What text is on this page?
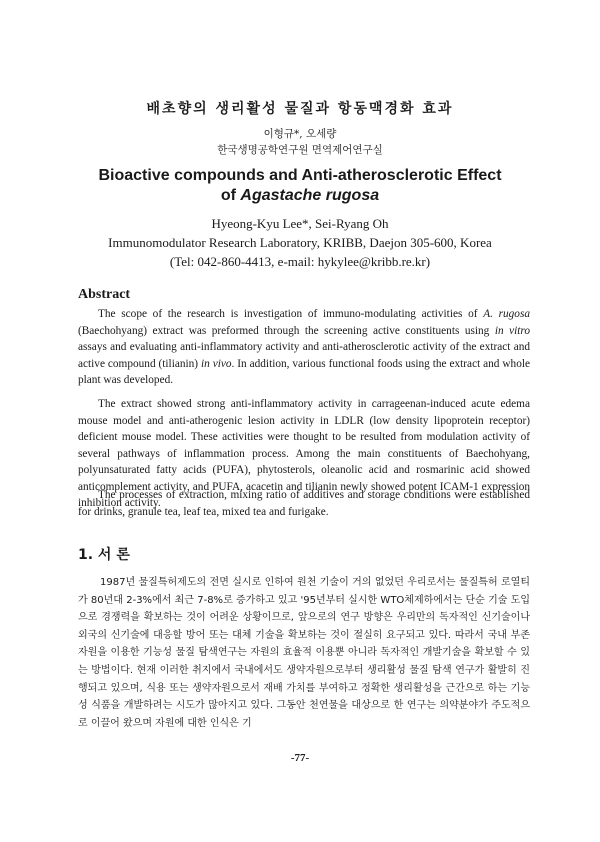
배초향의 생리활성 물질과 항동맥경화 효과
이형규*, 오세량
한국생명공학연구원 면역제어연구실
Bioactive compounds and Anti-atherosclerotic Effect
of Agastache rugosa
Hyeong-Kyu Lee*, Sei-Ryang Oh
Immunomodulator Research Laboratory, KRIBB, Daejon 305-600, Korea
(Tel: 042-860-4413, e-mail: hykylee@kribb.re.kr)
Abstract

The scope of the research is investigation of immuno-modulating activities of A. rugosa (Baechohyang) extract was preformed through the screening active constituents using in vitro assays and evaluating anti-inflammatory activity and anti-atherosclerotic activity of the extract and active compound (tilianin) in vivo. In addition, various functional foods using the extract and whole plant was developed.

The extract showed strong anti-inflammatory activity in carrageenan-induced acute edema mouse model and anti-atherogenic lesion activity in LDLR (low density lipoprotein receptor) deficient mouse model. These activities were thought to be resulted from modulation activity of several pathways of inflammation process. Among the main constituents of Baechohyang, polyunsaturated fatty acids (PUFA), phytosterols, oleanolic acid and rosmarinic acid showed anticomplement activity, and PUFA, acacetin and tilianin newly showed potent ICAM-1 expression inhibition activity.

The processes of extraction, mixing ratio of additives and storage conditions were established for drinks, granule tea, leaf tea, mixed tea and furigake.

1. 서 론

1987년 물질특허제도의 전면 실시로 인하여 원천 기술이 거의 없었던 우리로서는 물질특허 로열티가 80년대 2-3%에서 최근 7-8%로 증가하고 있고 '95년부터 실시한 WTO체제하에서는 단순 기술 도입으로 경쟁력을 확보하는 것이 어려운 상황이므로, 앞으로의 연구 방향은 우리만의 독자적인 신기술이나 외국의 신기술에 대응할 방어 또는 대체 기술을 확보하는 것이 절실히 요구되고 있다. 따라서 국내 부존자원을 이용한 기능성 물질 탐색연구는 자원의 효율적 이용뿐 아니라 독자적인 개발기술을 확보할 수 있는 방법이다. 현재 이러한 취지에서 국내에서도 생약자원으로부터 생리활성 물질 탐색 연구가 활발히 진행되고 있으며, 식용 또는 생약자원으로서 재배 가치를 부여하고 정확한 생리활성을 근간으로 하는 기능성 식품을 개발하려는 시도가 많아지고 있다. 그동안 천연물을 대상으로 한 연구는 의약분야가 주도적으로 이끌어 왔으며 자원에 대한 인식은 기

-77-
